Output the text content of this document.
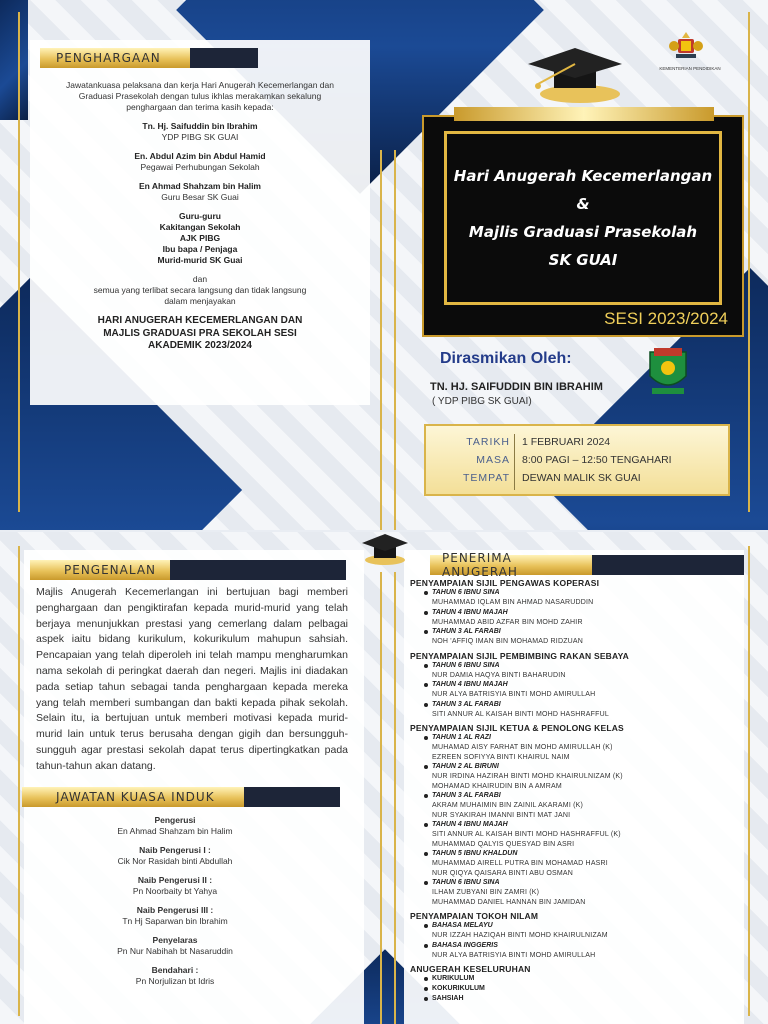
PENGHARGAAN
Jawatankuasa pelaksana dan kerja Hari Anugerah Kecemerlangan dan Graduasi Prasekolah dengan tulus ikhlas merakamkan sekalung penghargaan dan terima kasih kepada:
Tn. Hj. Saifuddin bin Ibrahim
YDP PIBG SK GUAI
En. Abdul Azim bin Abdul Hamid
Pegawai Perhubungan Sekolah
En Ahmad Shahzam bin Halim
Guru Besar SK Guai
Guru-guru
Kakitangan Sekolah
AJK PIBG
Ibu bapa / Penjaga
Murid-murid SK Guai
dan
semua yang terlibat secara langsung dan tidak langsung
dalam menjayakan
HARI ANUGERAH KECEMERLANGAN DAN
MAJLIS GRADUASI PRA SEKOLAH SESI
AKADEMIK 2023/2024
KEMENTERIAN PENDIDIKAN
Hari Anugerah Kecemerlangan
&
Majlis Graduasi Prasekolah
SK GUAI
SESI 2023/2024
Dirasmikan Oleh:
TN. HJ. SAIFUDDIN BIN IBRAHIM
( YDP PIBG SK GUAI)
TARIKH 1 FEBRUARI 2024
MASA 8:00 PAGI – 12:50 TENGAHARI
TEMPAT DEWAN MALIK SK GUAI
PENGENALAN
Majlis Anugerah Kecemerlangan ini bertujuan bagi memberi penghargaan dan pengiktirafan kepada murid-murid yang telah berjaya menunjukkan prestasi yang cemerlang dalam pelbagai aspek iaitu bidang kurikulum, kokurikulum mahupun sahsiah. Pencapaian yang telah diperoleh ini telah mampu mengharumkan nama sekolah di peringkat daerah dan negeri. Majlis ini diadakan pada setiap tahun sebagai tanda penghargaan kepada mereka yang telah memberi sumbangan dan bakti kepada pihak sekolah. Selain itu, ia bertujuan untuk memberi motivasi kepada murid-murid lain untuk terus berusaha dengan gigih dan bersungguh-sungguh agar prestasi sekolah dapat terus dipertingkatkan pada tahun-tahun akan datang.
JAWATAN KUASA INDUK
Pengerusi
En Ahmad Shahzam bin Halim
Naib Pengerusi I :
Cik Nor Rasidah binti Abdullah
Naib Pengerusi II :
Pn Noorbaity bt Yahya
Naib Pengerusi III :
Tn Hj Saparwan bin Ibrahim
Penyelaras
Pn Nur Nabihah bt Nasaruddin
Bendahari :
Pn Norjulizan bt Idris
PENERIMA ANUGERAH
PENYAMPAIAN SIJIL PENGAWAS KOPERASI
TAHUN 6 IBNU SINA
MUHAMMAD IQLAM BIN AHMAD NASARUDDIN
TAHUN 4 IBNU MAJAH
MUHAMMAD ABID AZFAR BIN MOHD ZAHIR
TAHUN 3 AL FARABI
NOH 'AFFIQ IMAN BIN MOHAMAD RIDZUAN
PENYAMPAIAN SIJIL PEMBIMBING RAKAN SEBAYA
TAHUN 6 IBNU SINA
NUR DAMIA HAQYA BINTI BAHARUDIN
TAHUN 4 IBNU MAJAH
NUR ALYA BATRISYIA BINTI MOHD AMIRULLAH
TAHUN 3 AL FARABI
SITI ANNUR AL KAISAH BINTI MOHD HASHRAFFUL
PENYAMPAIAN SIJIL KETUA & PENOLONG KELAS
TAHUN 1 AL RAZI
MUHAMAD AISY FARHAT BIN MOHD AMIRULLAH (K)
EZREEN SOFIYYA BINTI KHAIRUL NAIM
TAHUN 2 AL BIRUNI
NUR IRDINA HAZIRAH BINTI MOHD KHAIRULNIZAM (K)
MOHAMAD KHAIRUDIN BIN A AMRAM
TAHUN 3 AL FARABI
AKRAM MUHAIMIN BIN ZAINIL AKARAMI (K)
NUR SYAKIRAH IMANNI BINTI MAT JANI
TAHUN 4 IBNU MAJAH
SITI ANNUR AL KAISAH BINTI MOHD HASHRAFFUL (K)
MUHAMMAD QALYIS QUESYAD BIN ASRI
TAHUN 5 IBNU KHALDUN
MUHAMMAD AIRELL PUTRA BIN MOHAMAD HASRI
NUR QIQYA QAISARA BINTI ABU OSMAN
TAHUN 6 IBNU SINA
ILHAM ZUBYANI BIN ZAMRI (K)
MUHAMMAD DANIEL HANNAN BIN JAMIDAN
PENYAMPAIAN TOKOH NILAM
BAHASA MELAYU
NUR IZZAH HAZIQAH BINTI MOHD KHAIRULNIZAM
BAHASA INGGERIS
NUR ALYA BATRISYIA BINTI MOHD AMIRULLAH
ANUGERAH KESELURUHAN
KURIKULUM
KOKURIKULUM
SAHSIAH
